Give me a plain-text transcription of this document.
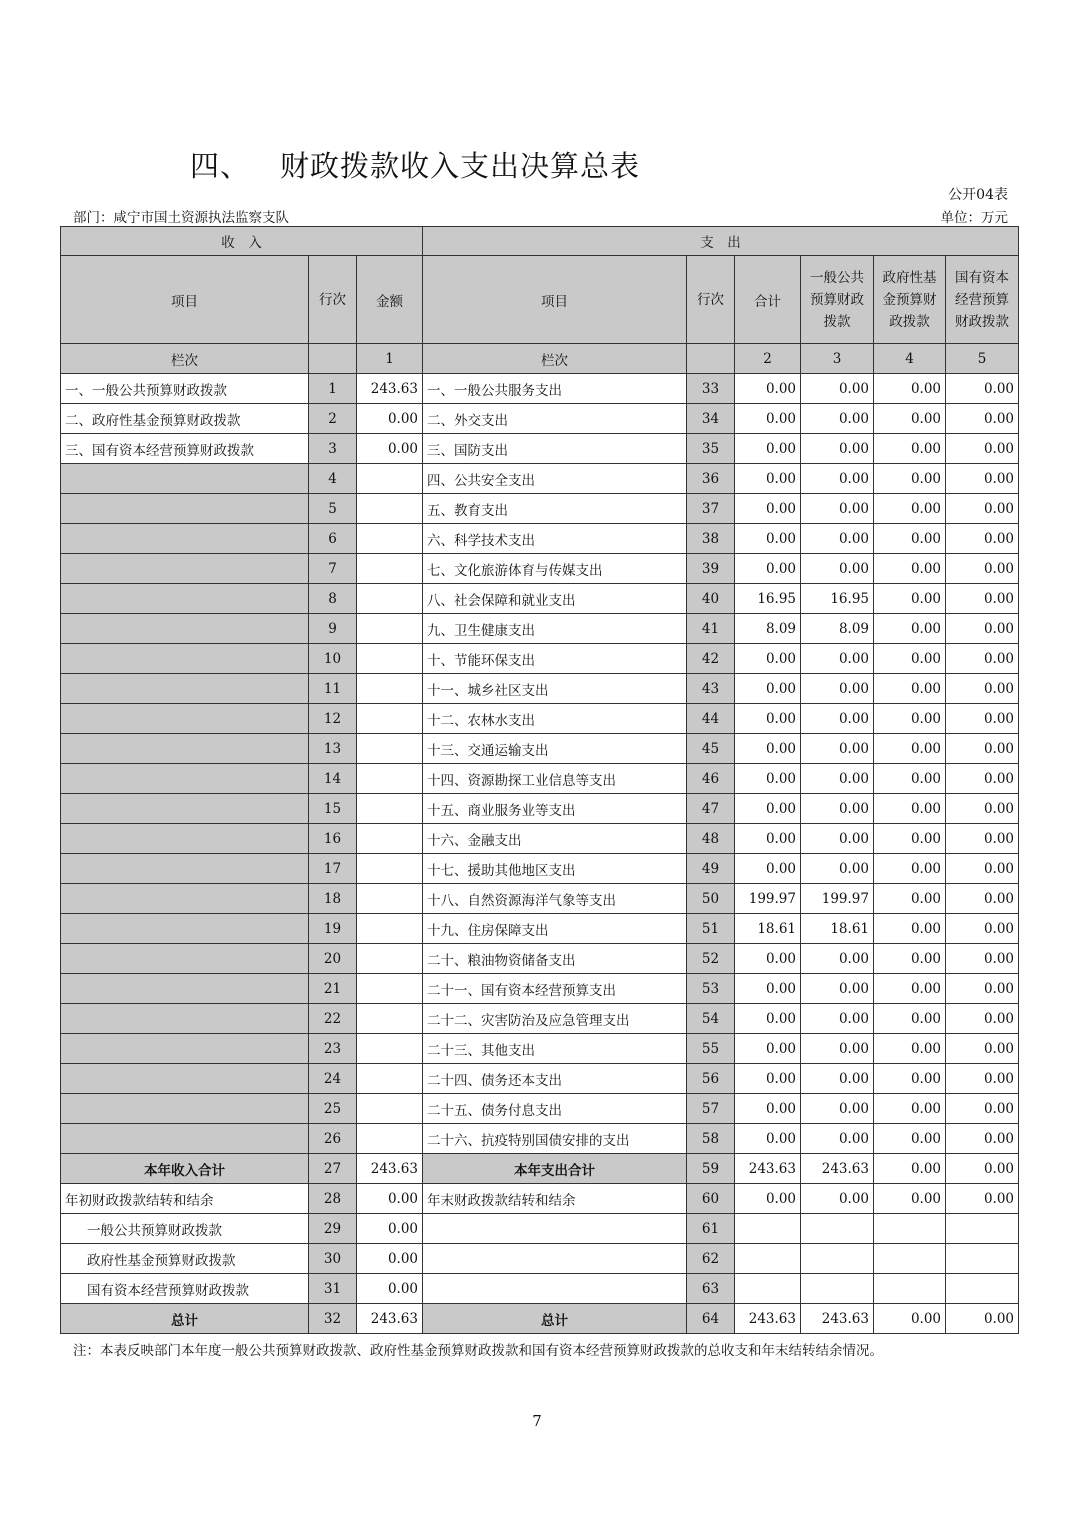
四、 财政拨款收入支出决算总表
公开04表
部门：咸宁市国土资源执法监察支队	单位：万元
收　入			支　出					
项目	行次	金额	项目	行次	合计	一般公共预算财政拨款	政府性基金预算财政拨款	国有资本经营预算财政拨款
栏次		1	栏次		2	3	4	5
一、一般公共预算财政拨款	1	243.63	一、一般公共服务支出	33	0.00	0.00	0.00	0.00
二、政府性基金预算财政拨款	2	0.00	二、外交支出	34	0.00	0.00	0.00	0.00
三、国有资本经营预算财政拨款	3	0.00	三、国防支出	35	0.00	0.00	0.00	0.00
	4		四、公共安全支出	36	0.00	0.00	0.00	0.00
	5		五、教育支出	37	0.00	0.00	0.00	0.00
	6		六、科学技术支出	38	0.00	0.00	0.00	0.00
	7		七、文化旅游体育与传媒支出	39	0.00	0.00	0.00	0.00
	8		八、社会保障和就业支出	40	16.95	16.95	0.00	0.00
	9		九、卫生健康支出	41	8.09	8.09	0.00	0.00
	10		十、节能环保支出	42	0.00	0.00	0.00	0.00
	11		十一、城乡社区支出	43	0.00	0.00	0.00	0.00
	12		十二、农林水支出	44	0.00	0.00	0.00	0.00
	13		十三、交通运输支出	45	0.00	0.00	0.00	0.00
	14		十四、资源勘探工业信息等支出	46	0.00	0.00	0.00	0.00
	15		十五、商业服务业等支出	47	0.00	0.00	0.00	0.00
	16		十六、金融支出	48	0.00	0.00	0.00	0.00
	17		十七、援助其他地区支出	49	0.00	0.00	0.00	0.00
	18		十八、自然资源海洋气象等支出	50	199.97	199.97	0.00	0.00
	19		十九、住房保障支出	51	18.61	18.61	0.00	0.00
	20		二十、粮油物资储备支出	52	0.00	0.00	0.00	0.00
	21		二十一、国有资本经营预算支出	53	0.00	0.00	0.00	0.00
	22		二十二、灾害防治及应急管理支出	54	0.00	0.00	0.00	0.00
	23		二十三、其他支出	55	0.00	0.00	0.00	0.00
	24		二十四、债务还本支出	56	0.00	0.00	0.00	0.00
	25		二十五、债务付息支出	57	0.00	0.00	0.00	0.00
	26		二十六、抗疫特别国债安排的支出	58	0.00	0.00	0.00	0.00
本年收入合计	27	243.63	本年支出合计	59	243.63	243.63	0.00	0.00
年初财政拨款结转和结余	28	0.00	年末财政拨款结转和结余	60	0.00	0.00	0.00	0.00
一般公共预算财政拨款	29	0.00		61				
政府性基金预算财政拨款	30	0.00		62				
国有资本经营预算财政拨款	31	0.00		63				
总计	32	243.63	总计	64	243.63	243.63	0.00	0.00
注：本表反映部门本年度一般公共预算财政拨款、政府性基金预算财政拨款和国有资本经营预算财政拨款的总收支和年末结转结余情况。
7
